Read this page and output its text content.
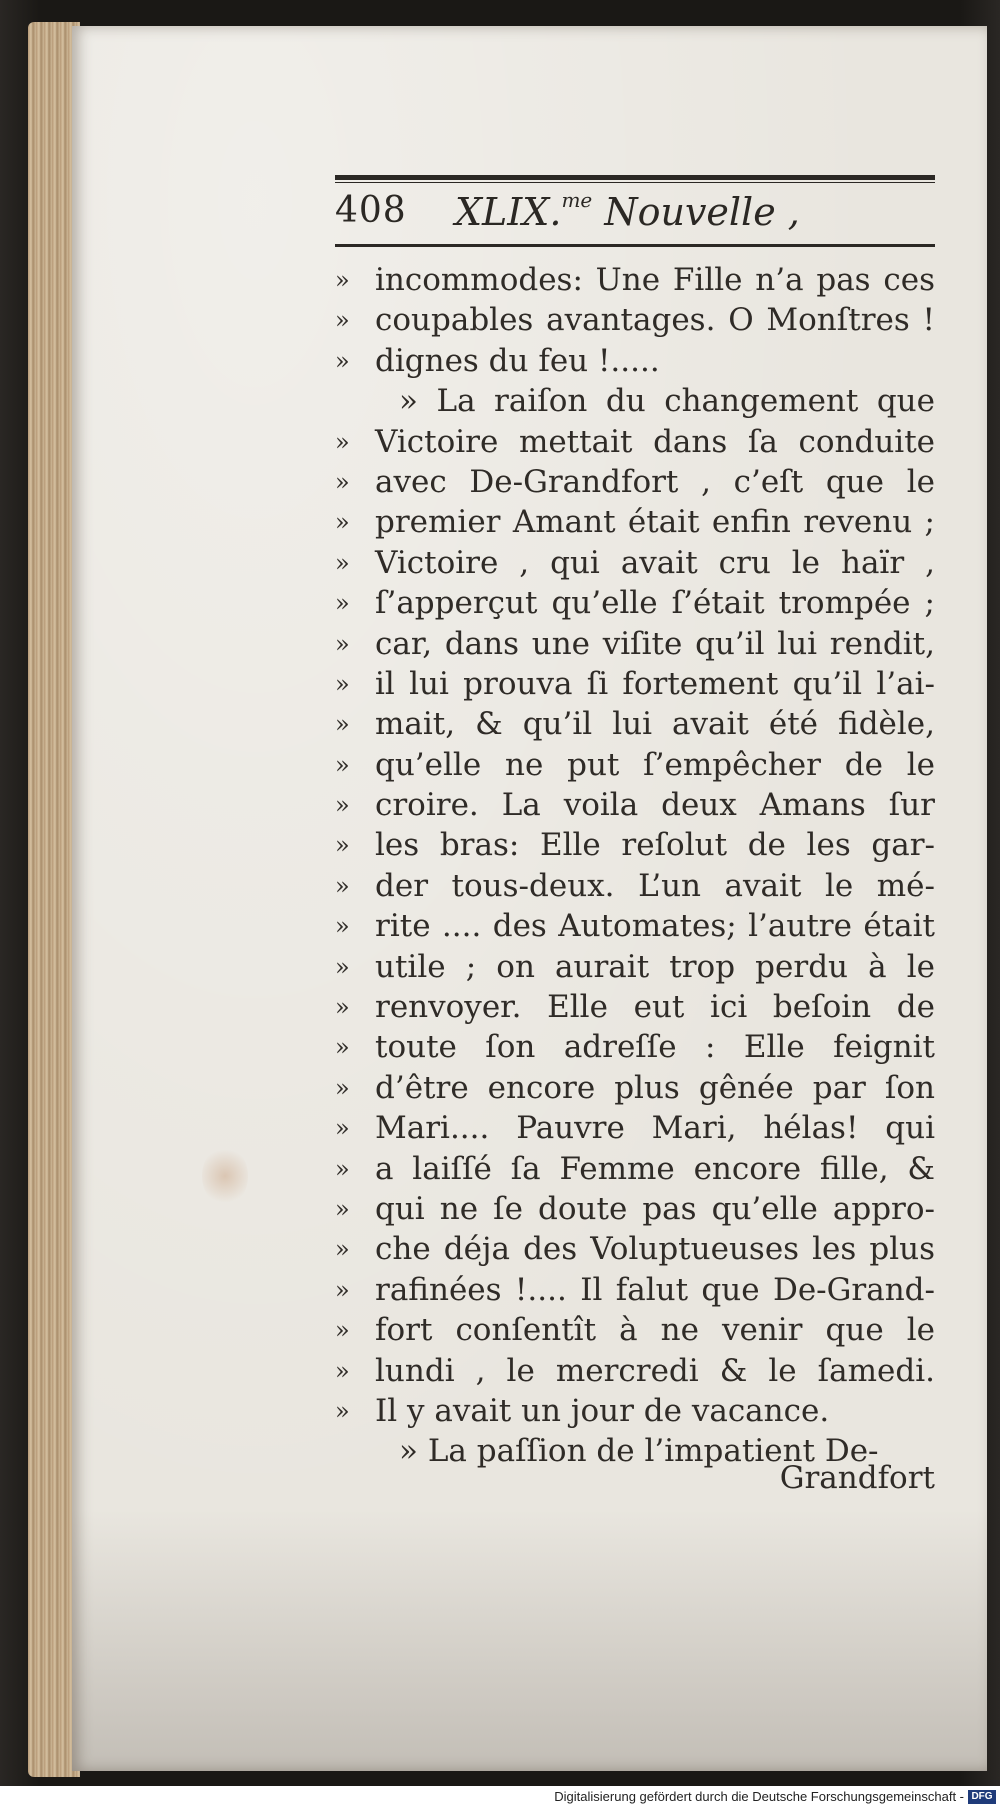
408 XLIX.$^{me}$ Nouvelle ,
» incommodes: Une Fille n’a pas ces
» coupables avantages. O Monſtres !
» dignes du feu !.....
» La raiſon du changement que
» Victoire mettait dans ſa conduite
» avec De-Grandfort , c’eſt que le
» premier Amant était enfin revenu ;
» Victoire , qui avait cru le haïr ,
» ſ’apperçut qu’elle ſ’était trompée ;
» car, dans une viſite qu’il lui rendit,
» il lui prouva ſi fortement qu’il l’ai-
» mait, & qu’il lui avait été fidèle,
» qu’elle ne put ſ’empêcher de le
» croire. La voila deux Amans ſur
» les bras: Elle reſolut de les gar-
» der tous-deux. L’un avait le mé-
» rite .... des Automates; l’autre était
» utile ; on aurait trop perdu à le
» renvoyer. Elle eut ici beſoin de
» toute ſon adreſſe : Elle feignit
» d’être encore plus gênée par ſon
» Mari.... Pauvre Mari, hélas! qui
» a laiſſé ſa Femme encore fille, &
» qui ne ſe doute pas qu’elle appro-
» che déja des Voluptueuses les plus
» rafinées !.... Il falut que De-Grand-
» fort conſentît à ne venir que le
» lundi , le mercredi & le ſamedi.
» Il y avait un jour de vacance.
» La paſſion de l’impatient De-
Grandfort
Digitalisierung gefördert durch die Deutsche Forschungsgemeinschaft - DFG
